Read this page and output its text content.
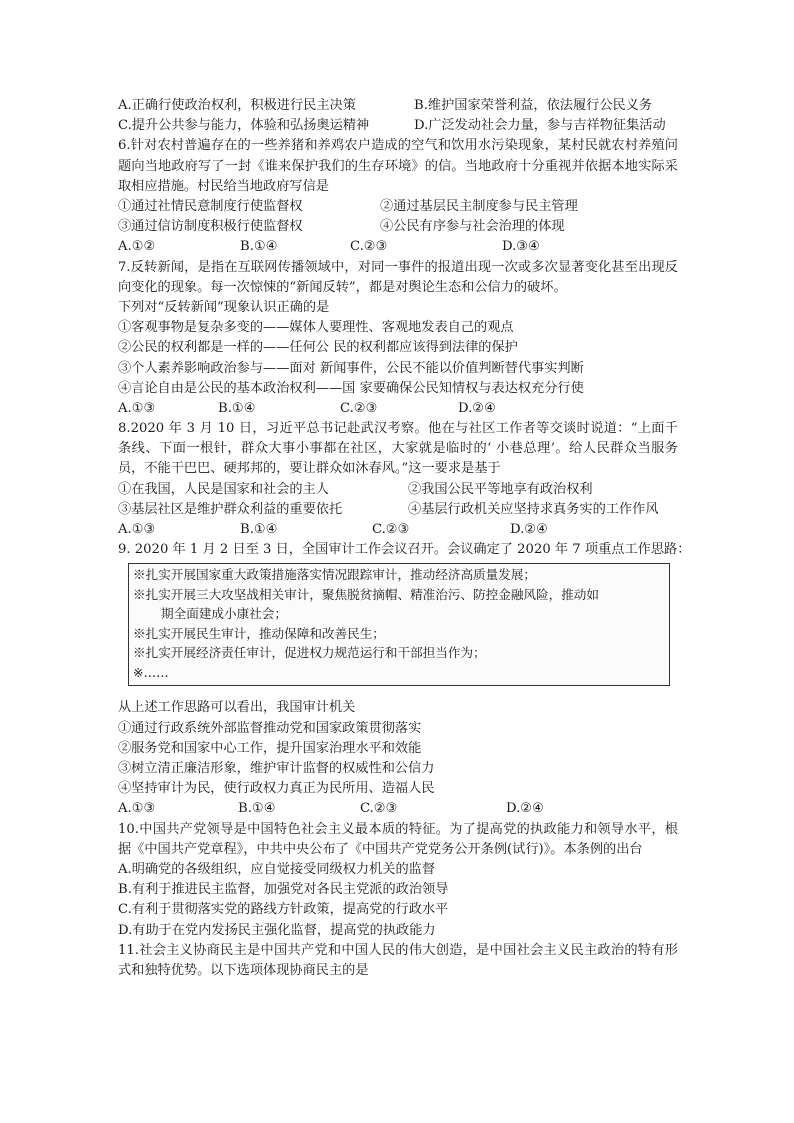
A.正确行使政治权利，积极进行民主决策	B.维护国家荣誉利益，依法履行公民义务
C.提升公共参与能力，体验和弘扬奥运精神	D.广泛发动社会力量，参与吉祥物征集活动
6.针对农村普遍存在的一些养猪和养鸡农户造成的空气和饮用水污染现象，某村民就农村养殖问题向当地政府写了一封《谁来保护我们的生存环境》的信。当地政府十分重视并依据本地实际采取相应措施。村民给当地政府写信是
①通过社情民意制度行使监督权	②通过基层民主制度参与民主管理
③通过信访制度积极行使监督权	④公民有序参与社会治理的体现
A.①②	B.①④	C.②③	D.③④
7.反转新闻，是指在互联网传播领域中，对同一事件的报道出现一次或多次显著变化甚至出现反向变化的现象。每一次惊悚的“新闻反转”，都是对舆论生态和公信力的破坏。
下列对“反转新闻”现象认识正确的是
①客观事物是复杂多变的——媒体人要理性、客观地发表自己的观点
②公民的权利都是一样的——任何公 民的权利都应该得到法律的保护
③个人素养影响政治参与——面对 新闻事件，公民不能以价值判断替代事实判断
④言论自由是公民的基本政治权利——国 家要确保公民知情权与表达权充分行使
A.①③	B.①④	C.②③	D.②④
8.2020 年 3 月 10 日，习近平总书记赴武汉考察。他在与社区工作者等交谈时说道：“上面千条线、下面一根针，群众大事小事都在社区，大家就是临时的‘ 小巷总理’。给人民群众当服务员，不能干巴巴、硬邦邦的，要让群众如沐春风。”这一要求是基于
①在我国，人民是国家和社会的主人	②我国公民平等地享有政治权利
③基层社区是维护群众利益的重要依托	④基层行政机关应坚持求真务实的工作作风
A.①③	B.①④	C.②③	D.②④
9. 2020 年 1 月 2 日至 3 日，全国审计工作会议召开。会议确定了 2020 年 7 项重点工作思路：
※扎实开展国家重大政策措施落实情况跟踪审计，推动经济高质量发展；
※扎实开展三大攻坚战相关审计，聚焦脱贫摘帽、精准治污、防控金融风险，推动如
期全面建成小康社会；
※扎实开展民生审计，推动保障和改善民生；
※扎实开展经济责任审计，促进权力规范运行和干部担当作为；
※……
从上述工作思路可以看出，我国审计机关
①通过行政系统外部监督推动党和国家政策贯彻落实
②服务党和国家中心工作，提升国家治理水平和效能
③树立清正廉洁形象，维护审计监督的权威性和公信力
④坚持审计为民，使行政权力真正为民所用、造福人民
A.①③	B.①④	C.②③	D.②④
10.中国共产党领导是中国特色社会主义最本质的特征。为了提高党的执政能力和领导水平，根据《中国共产党章程》，中共中央公布了《中国共产党党务公开条例(试行)》。本条例的出台
A.明确党的各级组织，应自觉接受同级权力机关的监督
B.有利于推进民主监督，加强党对各民主党派的政治领导
C.有利于贯彻落实党的路线方针政策，提高党的行政水平
D.有助于在党内发扬民主强化监督，提高党的执政能力
11.社会主义协商民主是中国共产党和中国人民的伟大创造，是中国社会主义民主政治的特有形式和独特优势。以下选项体现协商民主的是
